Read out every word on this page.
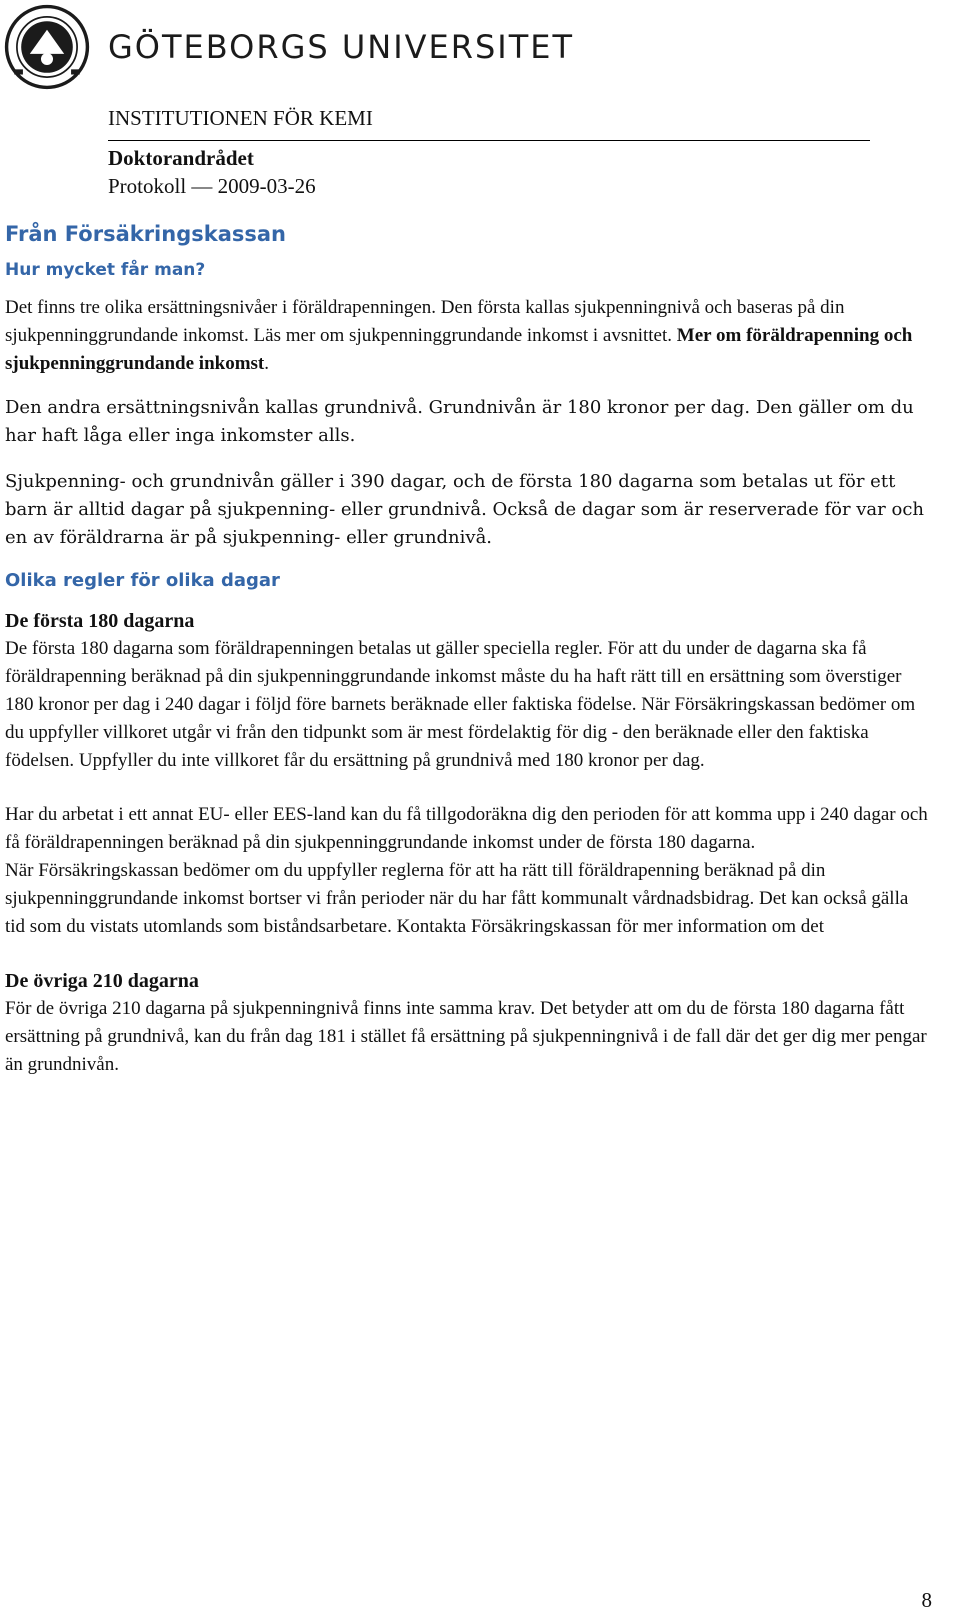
GÖTEBORGS UNIVERSITET
INSTITUTIONEN FÖR KEMI
Doktorandrådet
Protokoll — 2009-03-26
Från Försäkringskassan
Hur mycket får man?

Det finns tre olika ersättningsnivåer i föräldrapenningen. Den första kallas sjukpenningnivå och baseras på din sjukpenninggrundande inkomst. Läs mer om sjukpenninggrundande inkomst i avsnittet. Mer om föräldrapenning och sjukpenninggrundande inkomst.

Den andra ersättningsnivån kallas grundnivå. Grundnivån är 180 kronor per dag. Den gäller om du har haft låga eller inga inkomster alls.

Sjukpenning- och grundnivån gäller i 390 dagar, och de första 180 dagarna som betalas ut för ett barn är alltid dagar på sjukpenning- eller grundnivå. Också de dagar som är reserverade för var och en av föräldrarna är på sjukpenning- eller grundnivå.

Olika regler för olika dagar

De första 180 dagarna

De första 180 dagarna som föräldrapenningen betalas ut gäller speciella regler. För att du under de dagarna ska få föräldrapenning beräknad på din sjukpenninggrundande inkomst måste du ha haft rätt till en ersättning som överstiger 180 kronor per dag i 240 dagar i följd före barnets beräknade eller faktiska födelse. När Försäkringskassan bedömer om du uppfyller villkoret utgår vi från den tidpunkt som är mest fördelaktig för dig - den beräknade eller den faktiska födelsen. Uppfyller du inte villkoret får du ersättning på grundnivå med 180 kronor per dag.

Har du arbetat i ett annat EU- eller EES-land kan du få tillgodoräkna dig den perioden för att komma upp i 240 dagar och få föräldrapenningen beräknad på din sjukpenninggrundande inkomst under de första 180 dagarna.

När Försäkringskassan bedömer om du uppfyller reglerna för att ha rätt till föräldrapenning beräknad på din sjukpenninggrundande inkomst bortser vi från perioder när du har fått kommunalt vårdnadsbidrag. Det kan också gälla tid som du vistats utomlands som biståndsarbetare. Kontakta Försäkringskassan för mer information om det

De övriga 210 dagarna

För de övriga 210 dagarna på sjukpenningnivå finns inte samma krav. Det betyder att om du de första 180 dagarna fått ersättning på grundnivå, kan du från dag 181 i stället få ersättning på sjukpenningnivå i de fall där det ger dig mer pengar än grundnivån.

8
